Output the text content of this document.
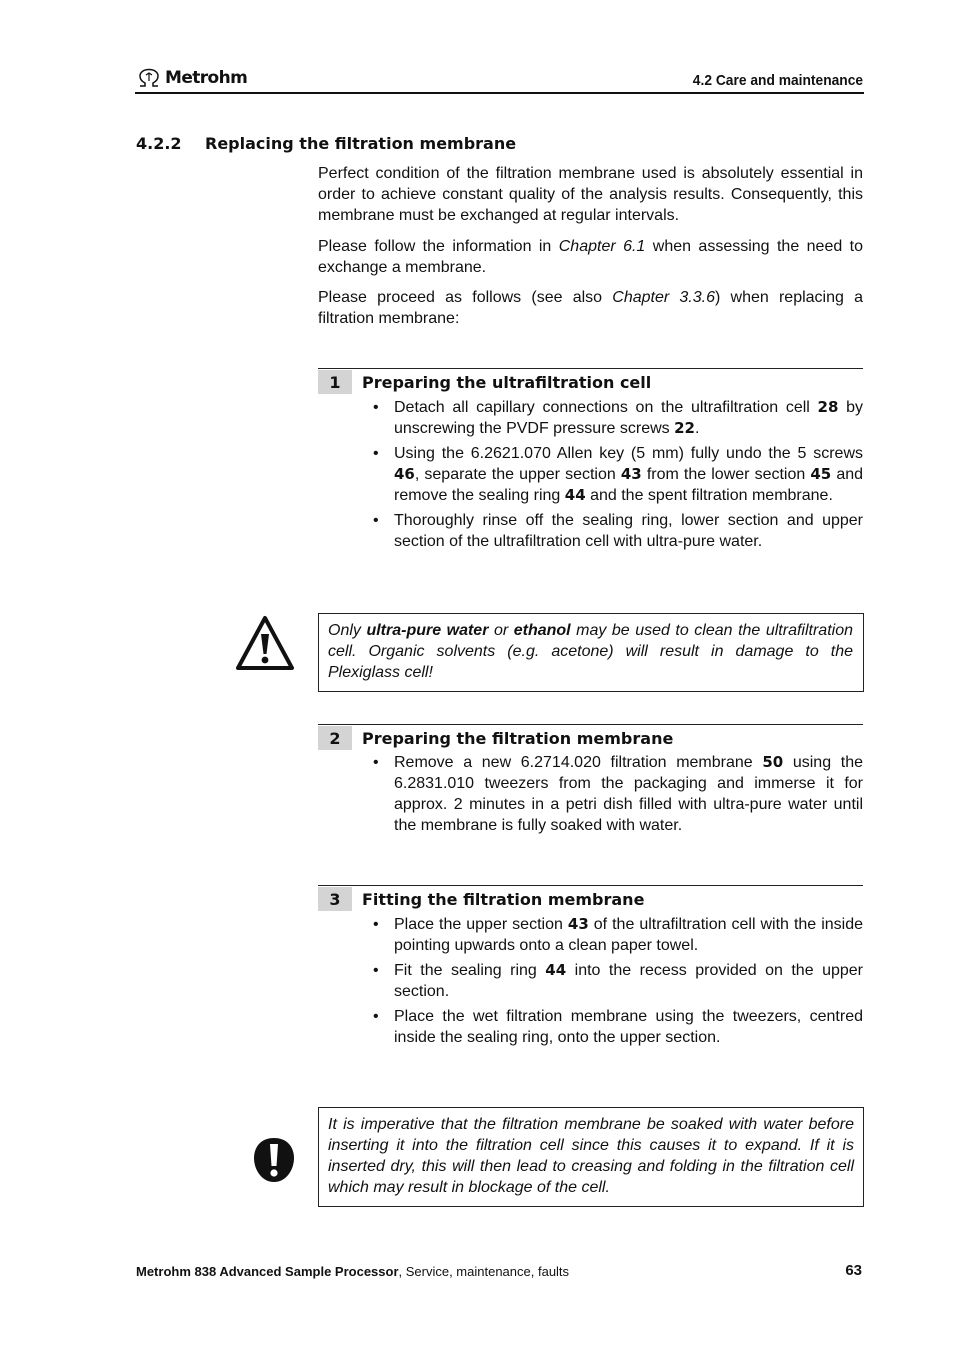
Metrohm	4.2 Care and maintenance
4.2.2 Replacing the filtration membrane

Perfect condition of the filtration membrane used is absolutely essential in order to achieve constant quality of the analysis results. Consequently, this membrane must be exchanged at regular intervals.

Please follow the information in Chapter 6.1 when assessing the need to exchange a membrane.

Please proceed as follows (see also Chapter 3.3.6) when replacing a filtration membrane:

1	Preparing the ultrafiltration cell
• Detach all capillary connections on the ultrafiltration cell 28 by unscrewing the PVDF pressure screws 22.
• Using the 6.2621.070 Allen key (5 mm) fully undo the 5 screws 46, separate the upper section 43 from the lower section 45 and remove the sealing ring 44 and the spent filtration membrane.
• Thoroughly rinse off the sealing ring, lower section and upper section of the ultrafiltration cell with ultra-pure water.
Only ultra-pure water or ethanol may be used to clean the ultrafiltration cell. Organic solvents (e.g. acetone) will result in damage to the Plexiglass cell!
2	Preparing the filtration membrane
• Remove a new 6.2714.020 filtration membrane 50 using the 6.2831.010 tweezers from the packaging and immerse it for approx. 2 minutes in a petri dish filled with ultra-pure water until the membrane is fully soaked with water.
3	Fitting the filtration membrane
• Place the upper section 43 of the ultrafiltration cell with the inside pointing upwards onto a clean paper towel.
• Fit the sealing ring 44 into the recess provided on the upper section.
• Place the wet filtration membrane using the tweezers, centred inside the sealing ring, onto the upper section.
It is imperative that the filtration membrane be soaked with water before inserting it into the filtration cell since this causes it to expand. If it is inserted dry, this will then lead to creasing and folding in the filtration cell which may result in blockage of the cell.
Metrohm 838 Advanced Sample Processor, Service, maintenance, faults	63
